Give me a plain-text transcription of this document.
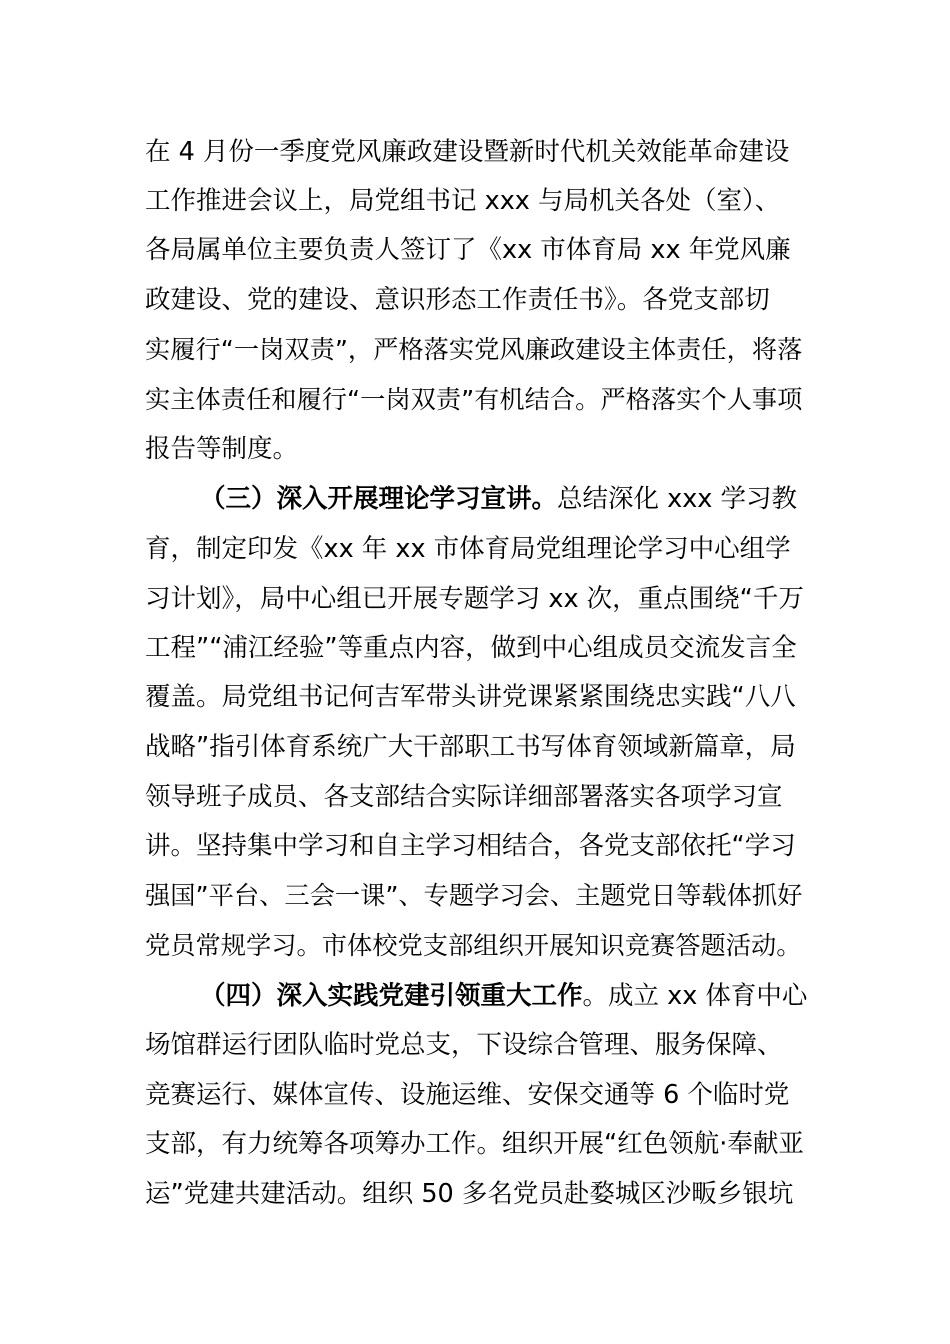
在 4 月份一季度党风廉政建设暨新时代机关效能革命建设
工作推进会议上，局党组书记 xxx 与局机关各处（室）、
各局属单位主要负责人签订了《xx 市体育局 xx 年党风廉
政建设、党的建设、意识形态工作责任书》。各党支部切
实履行“一岗双责”，严格落实党风廉政建设主体责任，将落
实主体责任和履行“一岗双责”有机结合。严格落实个人事项
报告等制度。
（三）深入开展理论学习宣讲。总结深化 xxx 学习教
育，制定印发《xx 年 xx 市体育局党组理论学习中心组学
习计划》，局中心组已开展专题学习 xx 次，重点围绕“千万
工程”“浦江经验”等重点内容，做到中心组成员交流发言全
覆盖。局党组书记何吉军带头讲党课紧紧围绕忠实践“八八
战略”指引体育系统广大干部职工书写体育领域新篇章，局
领导班子成员、各支部结合实际详细部署落实各项学习宣
讲。坚持集中学习和自主学习相结合，各党支部依托“学习
强国”平台、三会一课”、专题学习会、主题党日等载体抓好
党员常规学习。市体校党支部组织开展知识竞赛答题活动。
（四）深入实践党建引领重大工作。成立 xx 体育中心
场馆群运行团队临时党总支，下设综合管理、服务保障、
竞赛运行、媒体宣传、设施运维、安保交通等 6 个临时党
支部，有力统筹各项筹办工作。组织开展“红色领航·奉献亚
运”党建共建活动。组织 50 多名党员赴婺城区沙畈乡银坑
